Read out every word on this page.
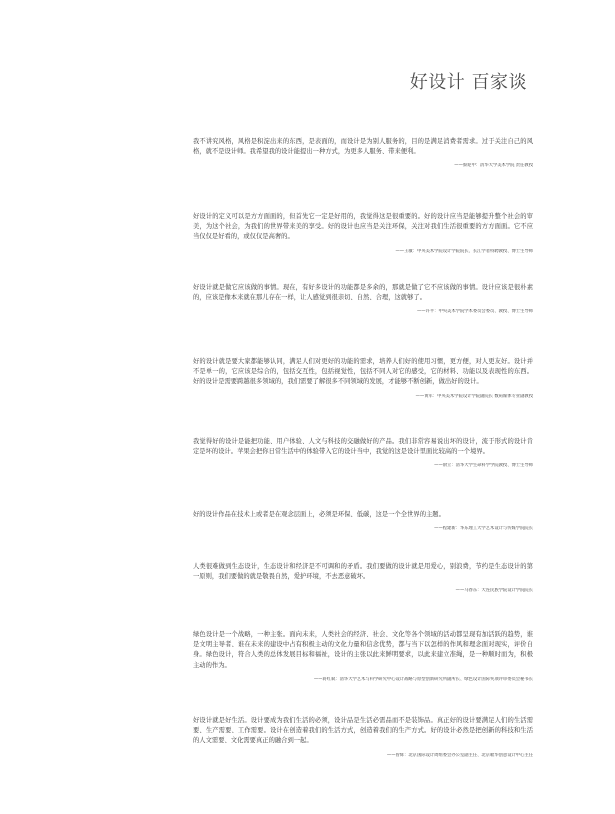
好设计 百家谈

我不讲究风格，风格是积淀出来的东西，是表面的，而设计是为别人服务的，目的是满足消费者需求。过于关注自己的风格，就不是设计师。我希望我的设计能提出一种方式，为更多人服务、带来便利。

——蔡迎中：清华大学美术学院 责任教授

好设计的定义可以是方方面面的，但首先它一定是好用的，我觉得这是很重要的。好的设计应当是能够提升整个社会的审美，为这个社会，为我们的世界带来美的享受。好的设计也应当是关注环保，关注对我们生活很重要的方方面面。它不应当仅仅是好看的，或仅仅是高奢的。

——王敏：中央美术学院设计学院院长、长江学者特聘教授、博士生导师

好设计就是做它应该做的事情。现在，有好多设计的功能都是多余的，那就是做了它不应该做的事情。设计应该是很朴素的，应该是像本来就在那儿存在一样，让人感觉到很亲切、自然、合理，这就够了。

——许平：中央美术学院学术委员会委员、教授、博士生导师

好的设计就是要大家都能够认同，满足人们对更好的功能的需求，培养人们好的使用习惯，更方便，对人更友好。设计并不是单一的，它应该是综合的，包括交互性，包括视觉性，包括不同人对它的感受，它的材料、功能以及表现性的东西。好的设计是需要跨越很多领域的，我们需要了解很多不同领域的发展，才能够不断创新，做出好的设计。

——黄军：中央美术学院设计学院副院长 数码媒体专业副教授

我觉得好的设计是能把功能、用户体验、人文与科技的交融做好的产品。我们非常容易说出坏的设计，流于形式的设计肯定是坏的设计。苹果会把你日常生活中的体验带入它的设计当中，我觉的这是设计里面比较高的一个境界。

——俞立：清华大学生命科学学院教授、博士生导师

好的设计作品在技术上或者是在观念层面上，必须是环保、低碳，这是一个全世界的主题。

——程建新：华东理工大学艺术设计与传媒学院院长

人类很难做到生态设计，生态设计和经济是不可调和的矛盾。我们要做的设计就是用爱心，别浪费，节约是生态设计的第一原则，我们要做的就是敬畏自然，爱护环境，不去恶意破坏。

——马春东：大连民族学院设计学院院长

绿色设计是一个战略，一种主张。面向未来，人类社会的经济、社会、文化等各个领域的活动都呈现有加活跃的趋势，谁是文明主导者、谁在未来的建设中占有积极主动的文化力量和信念优势，都与当下以怎样的作风和理念面对现实，评价自身。绿色设计，符合人类的总体发展目标和福祉，设计的主张以此来鲜明要求，以此来建立准绳，是一种顺时而为，积极主动的作为。

——蒋红斌：清华大学艺术与科学研究中心设计战略与原型创新研究所副所长、绿色设计国际奖项评审委员会秘书长

好设计就是好生活。设计要成为我们生活的必须，设计品是生活必需品而不是装饰品。真正好的设计要满足人们的生活需要、生产需要、工作需要。设计在创造着我们的生活方式，创造着我们的生产方式。好的设计必然是把创新的科技和生活的人文需要、文化需要真正的融合到一起。

——曾辉：北京国际设计周组委会办公室副主任、北京歌华创意设计中心主任
